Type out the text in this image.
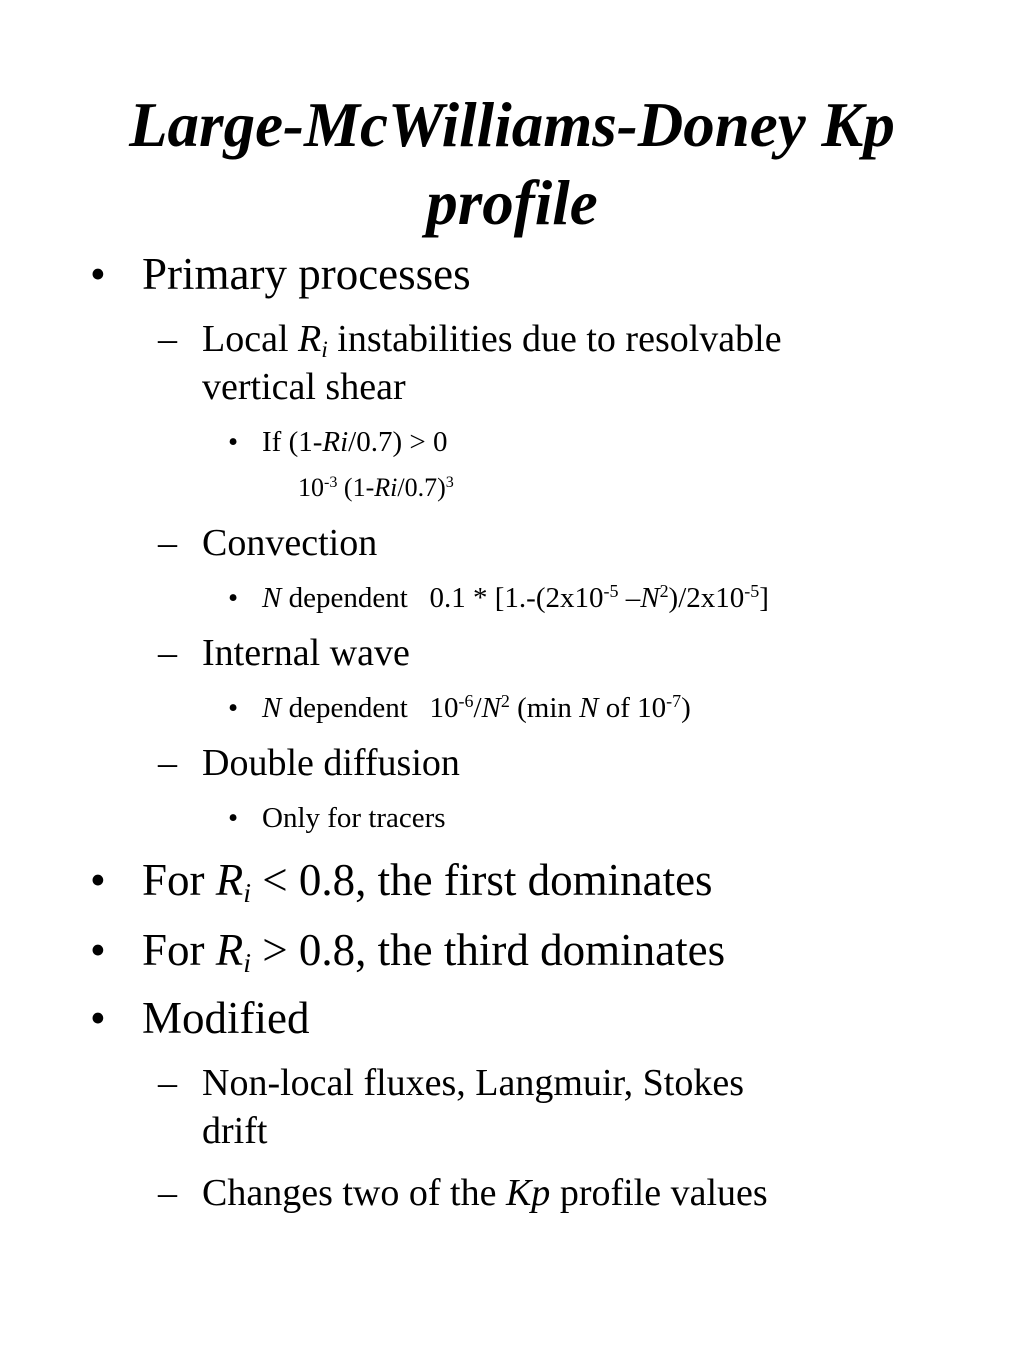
Large-McWilliams-Doney Kp
profile
• Primary processes
– Local $R_i$ instabilities due to resolvable
vertical shear
• If (1-Ri/0.7) > 0
$10^{-3}$ $(1-Ri/0.7)^3$
– Convection
• N dependent   $0.1 * [1.-(2x10^{-5}$ $-N^2)/2x10^{-5}$]
– Internal wave
• N dependent   $10^{-6}/N^2$ (min N of $10^{-7}$)
– Double diffusion
• Only for tracers
• For $R_i < 0.8$, the first dominates
• For $R_i > 0.8$, the third dominates
• Modified
– Non-local fluxes, Langmuir, Stokes
drift
– Changes two of the Kp profile values
